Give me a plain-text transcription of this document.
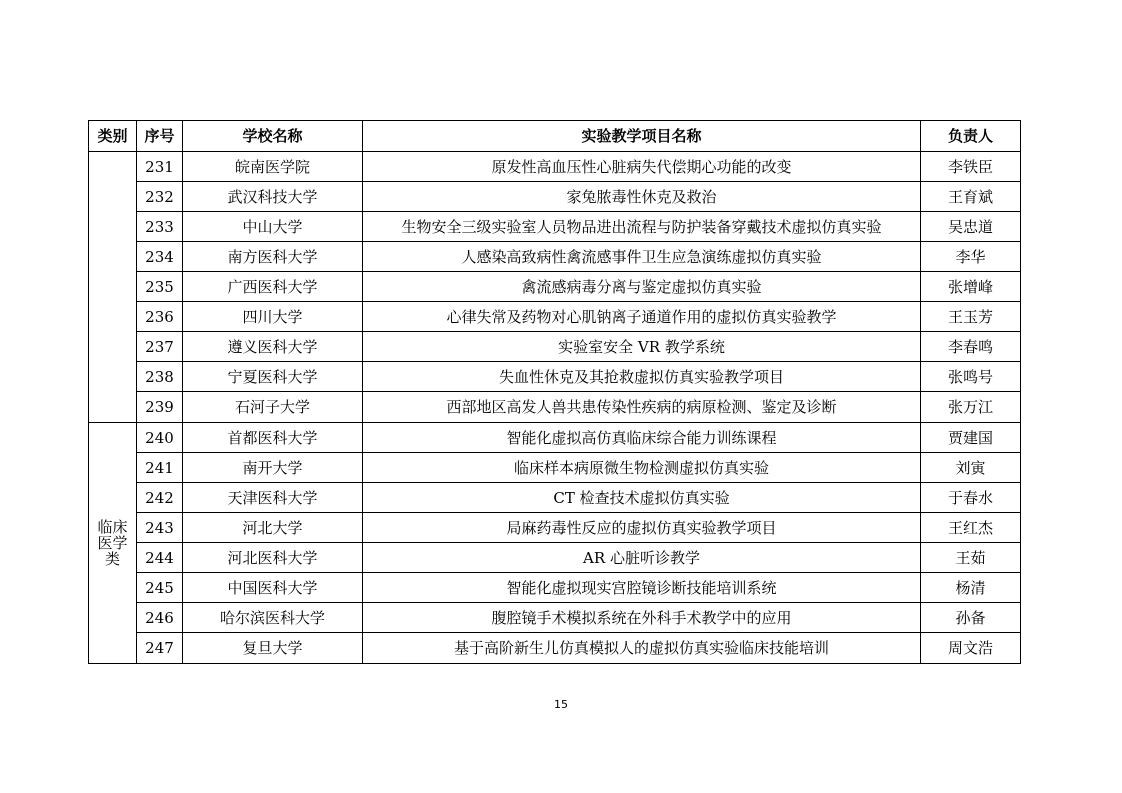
类别	序号	学校名称	实验教学项目名称	负责人
	231	皖南医学院	原发性高血压性心脏病失代偿期心功能的改变	李铁臣
	232	武汉科技大学	家兔脓毒性休克及救治	王育斌
	233	中山大学	生物安全三级实验室人员物品进出流程与防护装备穿戴技术虚拟仿真实验	吴忠道
	234	南方医科大学	人感染高致病性禽流感事件卫生应急演练虚拟仿真实验	李华
	235	广西医科大学	禽流感病毒分离与鉴定虚拟仿真实验	张增峰
	236	四川大学	心律失常及药物对心肌钠离子通道作用的虚拟仿真实验教学	王玉芳
	237	遵义医科大学	实验室安全 VR 教学系统	李春鸣
	238	宁夏医科大学	失血性休克及其抢救虚拟仿真实验教学项目	张鸣号
	239	石河子大学	西部地区高发人兽共患传染性疾病的病原检测、鉴定及诊断	张万江

临床
医学
类	240	首都医科大学	智能化虚拟高仿真临床综合能力训练课程	贾建国
	241	南开大学	临床样本病原微生物检测虚拟仿真实验	刘寅
	242	天津医科大学	CT 检查技术虚拟仿真实验	于春水
	243	河北大学	局麻药毒性反应的虚拟仿真实验教学项目	王红杰
	244	河北医科大学	AR 心脏听诊教学	王茹
	245	中国医科大学	智能化虚拟现实宫腔镜诊断技能培训系统	杨清
	246	哈尔滨医科大学	腹腔镜手术模拟系统在外科手术教学中的应用	孙备
	247	复旦大学	基于高阶新生儿仿真模拟人的虚拟仿真实验临床技能培训	周文浩
15
